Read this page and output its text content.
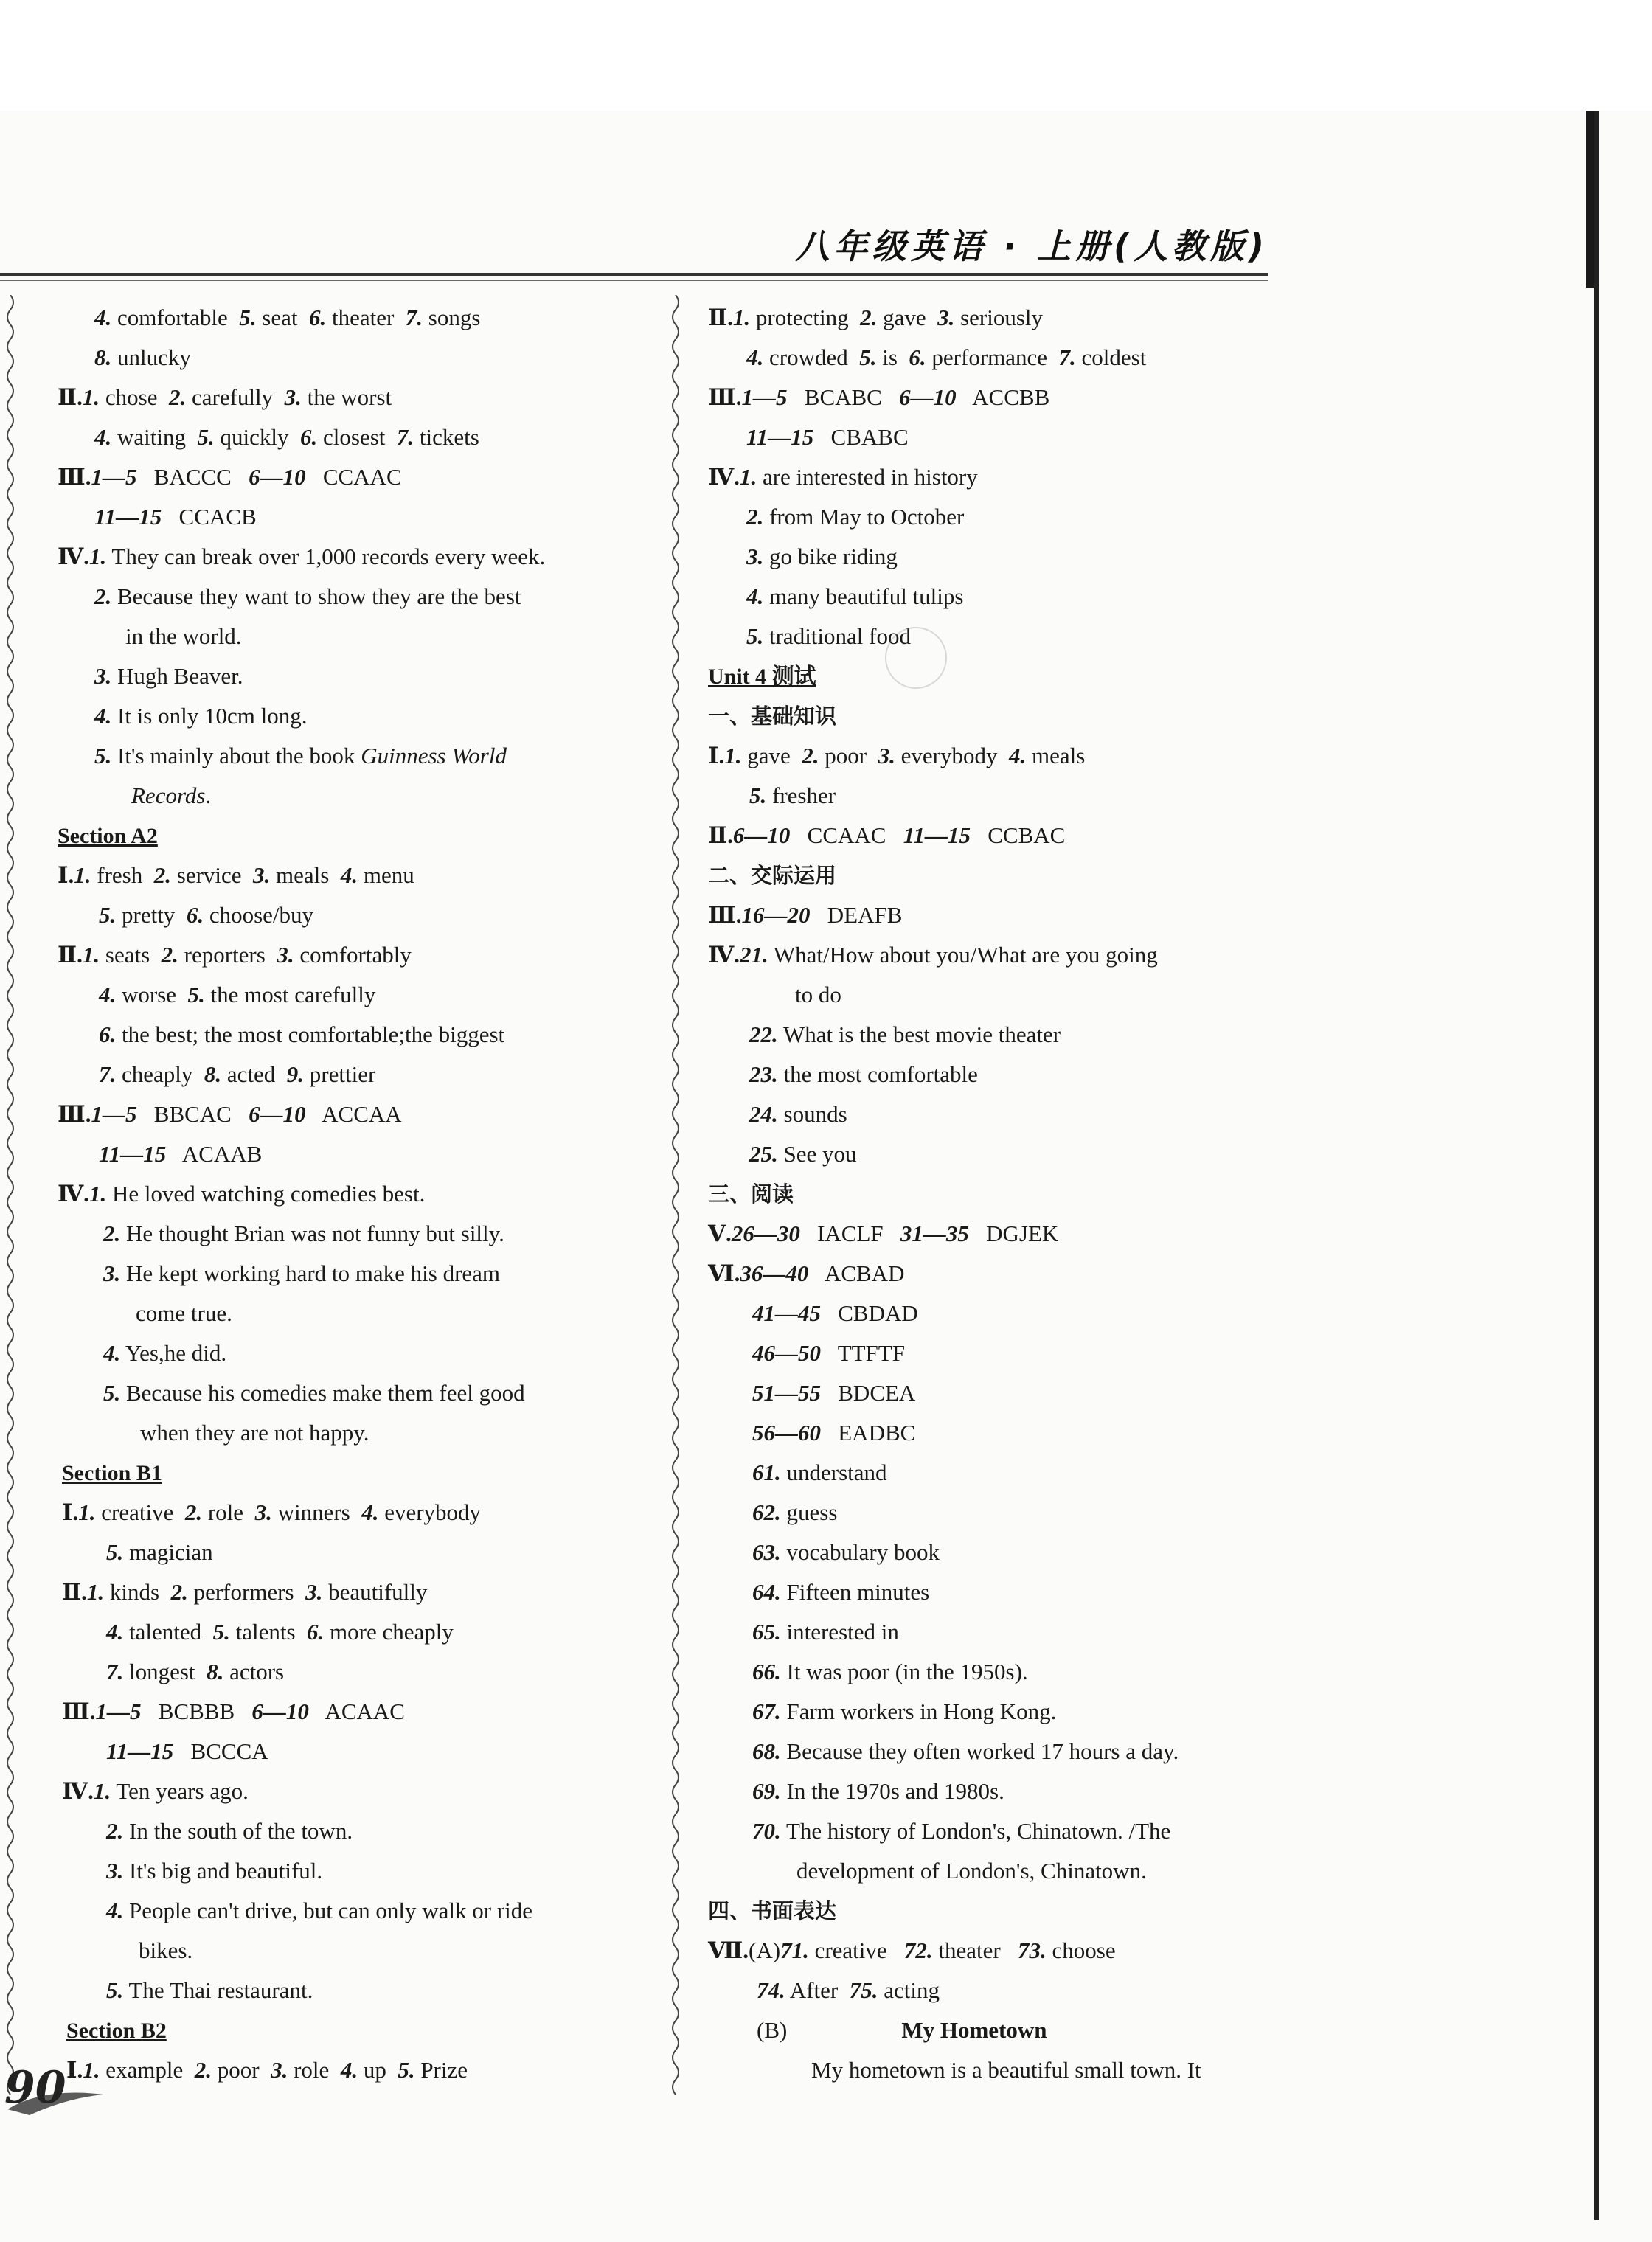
八年级英语 · 上册(人教版)
4. comfortable  5. seat  6. theater  7. songs
8. unlucky
Ⅱ.1. chose  2. carefully  3. the worst
4. waiting  5. quickly  6. closest  7. tickets
Ⅲ.1—5   BACCC   6—10   CCAAC
11—15   CCACB
Ⅳ.1. They can break over 1,000 records every week.
2. Because they want to show they are the best
in the world.
3. Hugh Beaver.
4. It is only 10cm long.
5. It's mainly about the book Guinness World
Records.
Section A2
Ⅰ.1. fresh  2. service  3. meals  4. menu
5. pretty  6. choose/buy
Ⅱ.1. seats  2. reporters  3. comfortably
4. worse  5. the most carefully
6. the best; the most comfortable;the biggest
7. cheaply  8. acted  9. prettier
Ⅲ.1—5   BBCAC   6—10   ACCAA
11—15   ACAAB
Ⅳ.1. He loved watching comedies best.
2. He thought Brian was not funny but silly.
3. He kept working hard to make his dream
come true.
4. Yes,he did.
5. Because his comedies make them feel good
when they are not happy.
Section B1
Ⅰ.1. creative  2. role  3. winners  4. everybody
5. magician
Ⅱ.1. kinds  2. performers  3. beautifully
4. talented  5. talents  6. more cheaply
7. longest  8. actors
Ⅲ.1—5   BCBBB   6—10   ACAAC
11—15   BCCCA
Ⅳ.1. Ten years ago.
2. In the south of the town.
3. It's big and beautiful.
4. People can't drive, but can only walk or ride
bikes.
5. The Thai restaurant.
Section B2
Ⅰ.1. example  2. poor  3. role  4. up  5. Prize
Ⅱ.1. protecting  2. gave  3. seriously
4. crowded  5. is  6. performance  7. coldest
Ⅲ.1—5   BCABC   6—10   ACCBB
11—15   CBABC
Ⅳ.1. are interested in history
2. from May to October
3. go bike riding
4. many beautiful tulips
5. traditional food
Unit 4 测试
一、基础知识
Ⅰ.1. gave  2. poor  3. everybody  4. meals
5. fresher
Ⅱ.6—10   CCAAC   11—15   CCBAC
二、交际运用
Ⅲ.16—20   DEAFB
Ⅳ.21. What/How about you/What are you going
to do
22. What is the best movie theater
23. the most comfortable
24. sounds
25. See you
三、阅读
Ⅴ.26—30   IACLF   31—35   DGJEK
Ⅵ.36—40   ACBAD
41—45   CBDAD
46—50   TTFTF
51—55   BDCEA
56—60   EADBC
61. understand
62. guess
63. vocabulary book
64. Fifteen minutes
65. interested in
66. It was poor (in the 1950s).
67. Farm workers in Hong Kong.
68. Because they often worked 17 hours a day.
69. In the 1970s and 1980s.
70. The history of London's, Chinatown. /The
development of London's, Chinatown.
四、书面表达
Ⅶ.(A)71. creative   72. theater   73. choose
74. After  75. acting
(B)                    My Hometown
My hometown is a beautiful small town. It
90
